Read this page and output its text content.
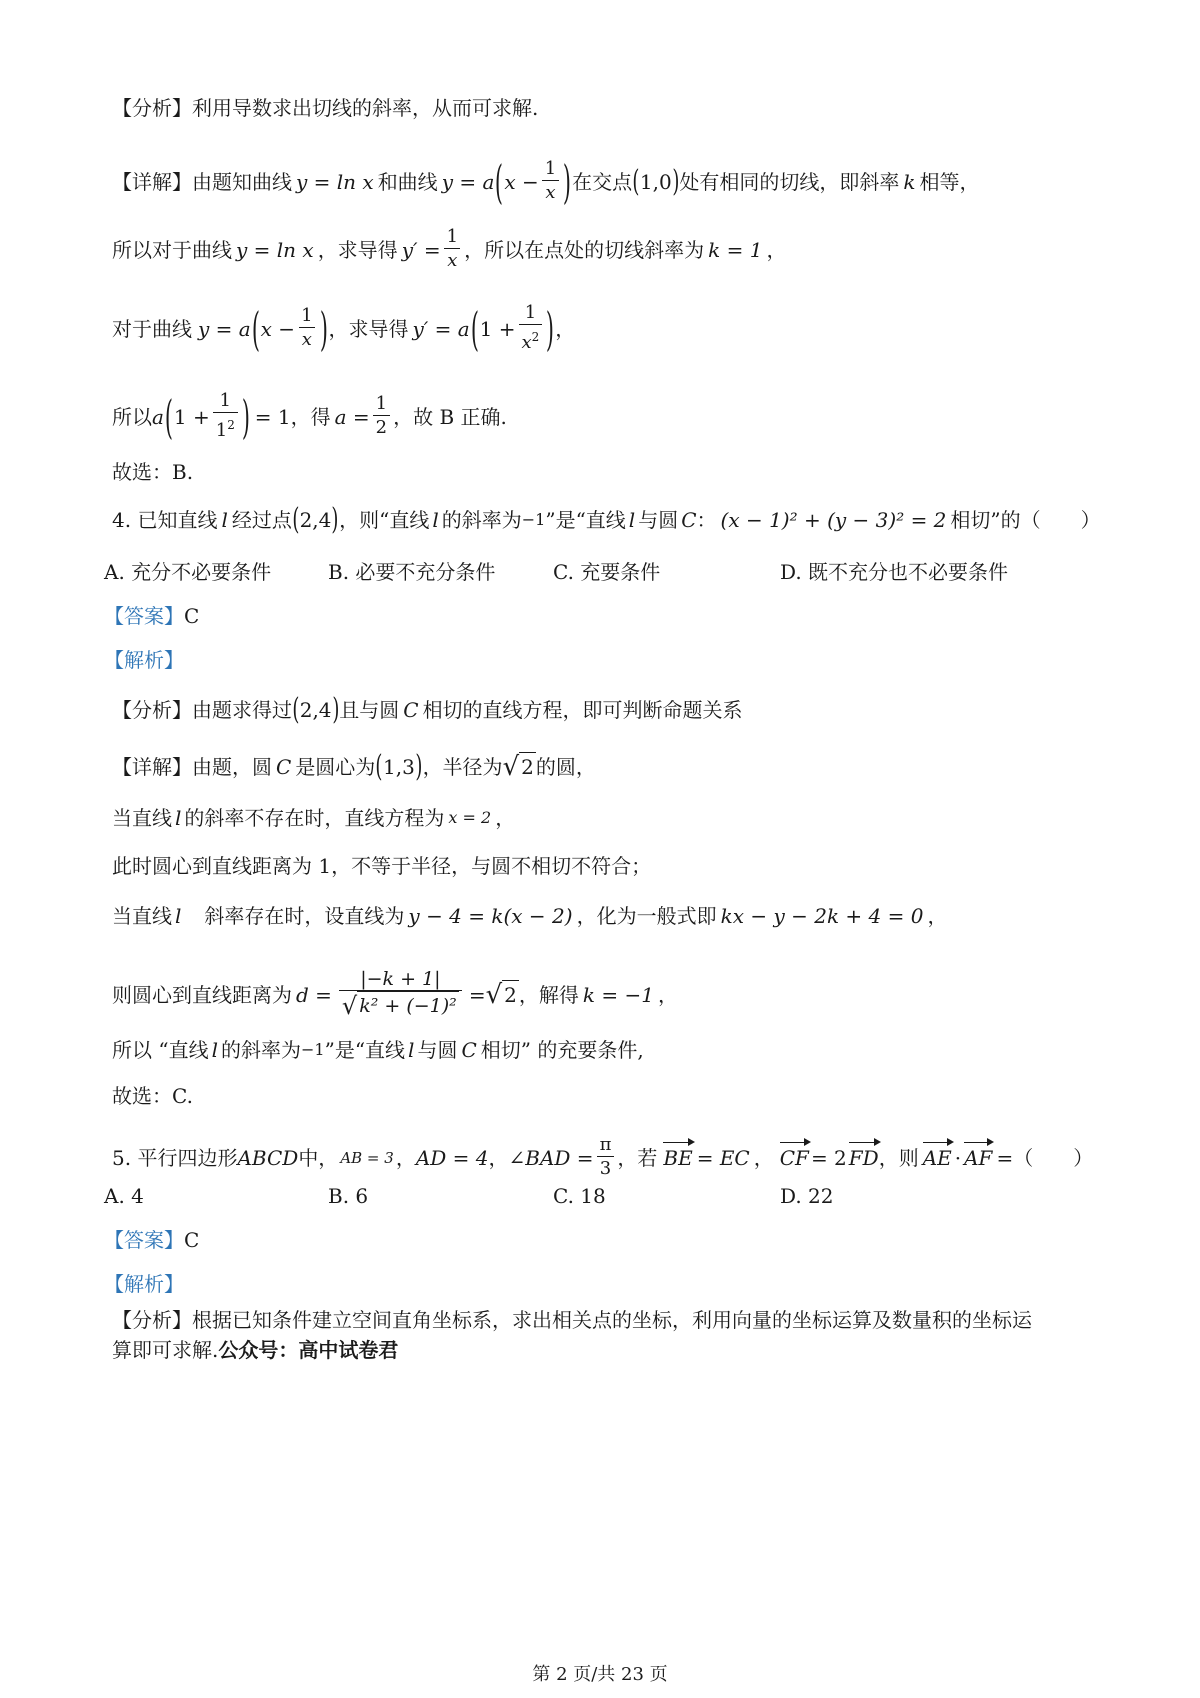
【分析】 利用导数求出切线的斜率，从而可求解.
【详解】 由题知曲线 y = ln x 和曲线 y = a ( $x - \frac{1}{x}$ ) 在交点 ( 1,0 ) 处有相同的切线，即斜率 k 相等，
所以对于曲线 y = ln x ，求导得 $y' = \frac{1}{x}$ ，所以在点处的切线斜率为 k = 1 ，
对于曲线 y = a ( $x - \frac{1}{x}$ ) ，求导得 y′ = a ( $1 + \frac{1}{x^2}$ ) ，
所以 a ( $1 + \frac{1}{1^2}$ ) = 1 ，得 $a = \frac{1}{2}$ ，故 B 正确.
故选：B.
4. 已知直线 l 经过点 ( 2,4 ) ，则“直线 l 的斜率为 −1 ”是“直线 l 与圆 C ： (x − 1)² + (y − 3)² = 2 相切”的（　　）
A. 充分不必要条件	B. 必要不充分条件	C. 充要条件	D. 既不充分也不必要条件
【答案】 C
【解析】
【分析】 由题求得过 ( 2,4 ) 且与圆 C 相切的直线方程，即可判断命题关系
【详解】 由题，圆 C 是圆心为 ( 1,3 ) ，半径为 √ 2 的圆，
当直线 l 的斜率不存在时，直线方程为 x = 2 ，
此时圆心到直线距离为 1，不等于半径，与圆不相切不符合；
当直线 l 　斜率存在时，设直线为 y − 4 = k(x − 2) ，化为一般式即 kx − y − 2k + 4 = 0 ，
则圆心到直线距离为 $d = \frac{|-k + 1|}{\text{√ k² + (−1)²}}$ = √ 2 ，解得 k = −1 ，
所以 “直线 l 的斜率为 −1 ”是“直线 l 与圆 C 相切” 的充要条件,
故选：C.
5. 平行四边形 ABCD 中， AB = 3 ， AD = 4 ， ∠BAD = $\frac{\pi}{3}$ ，若 BE = EC ， CF = 2 FD ，则 AE · AF =（　　）
A. 4	B. 6	C. 18	D. 22
【答案】 C
【解析】
【分析】 根据已知条件建立空间直角坐标系，求出相关点的坐标，利用向量的坐标运算及数量积的坐标运
算即可求解. 公众号：高中试卷君
第 2 页/共 23 页
